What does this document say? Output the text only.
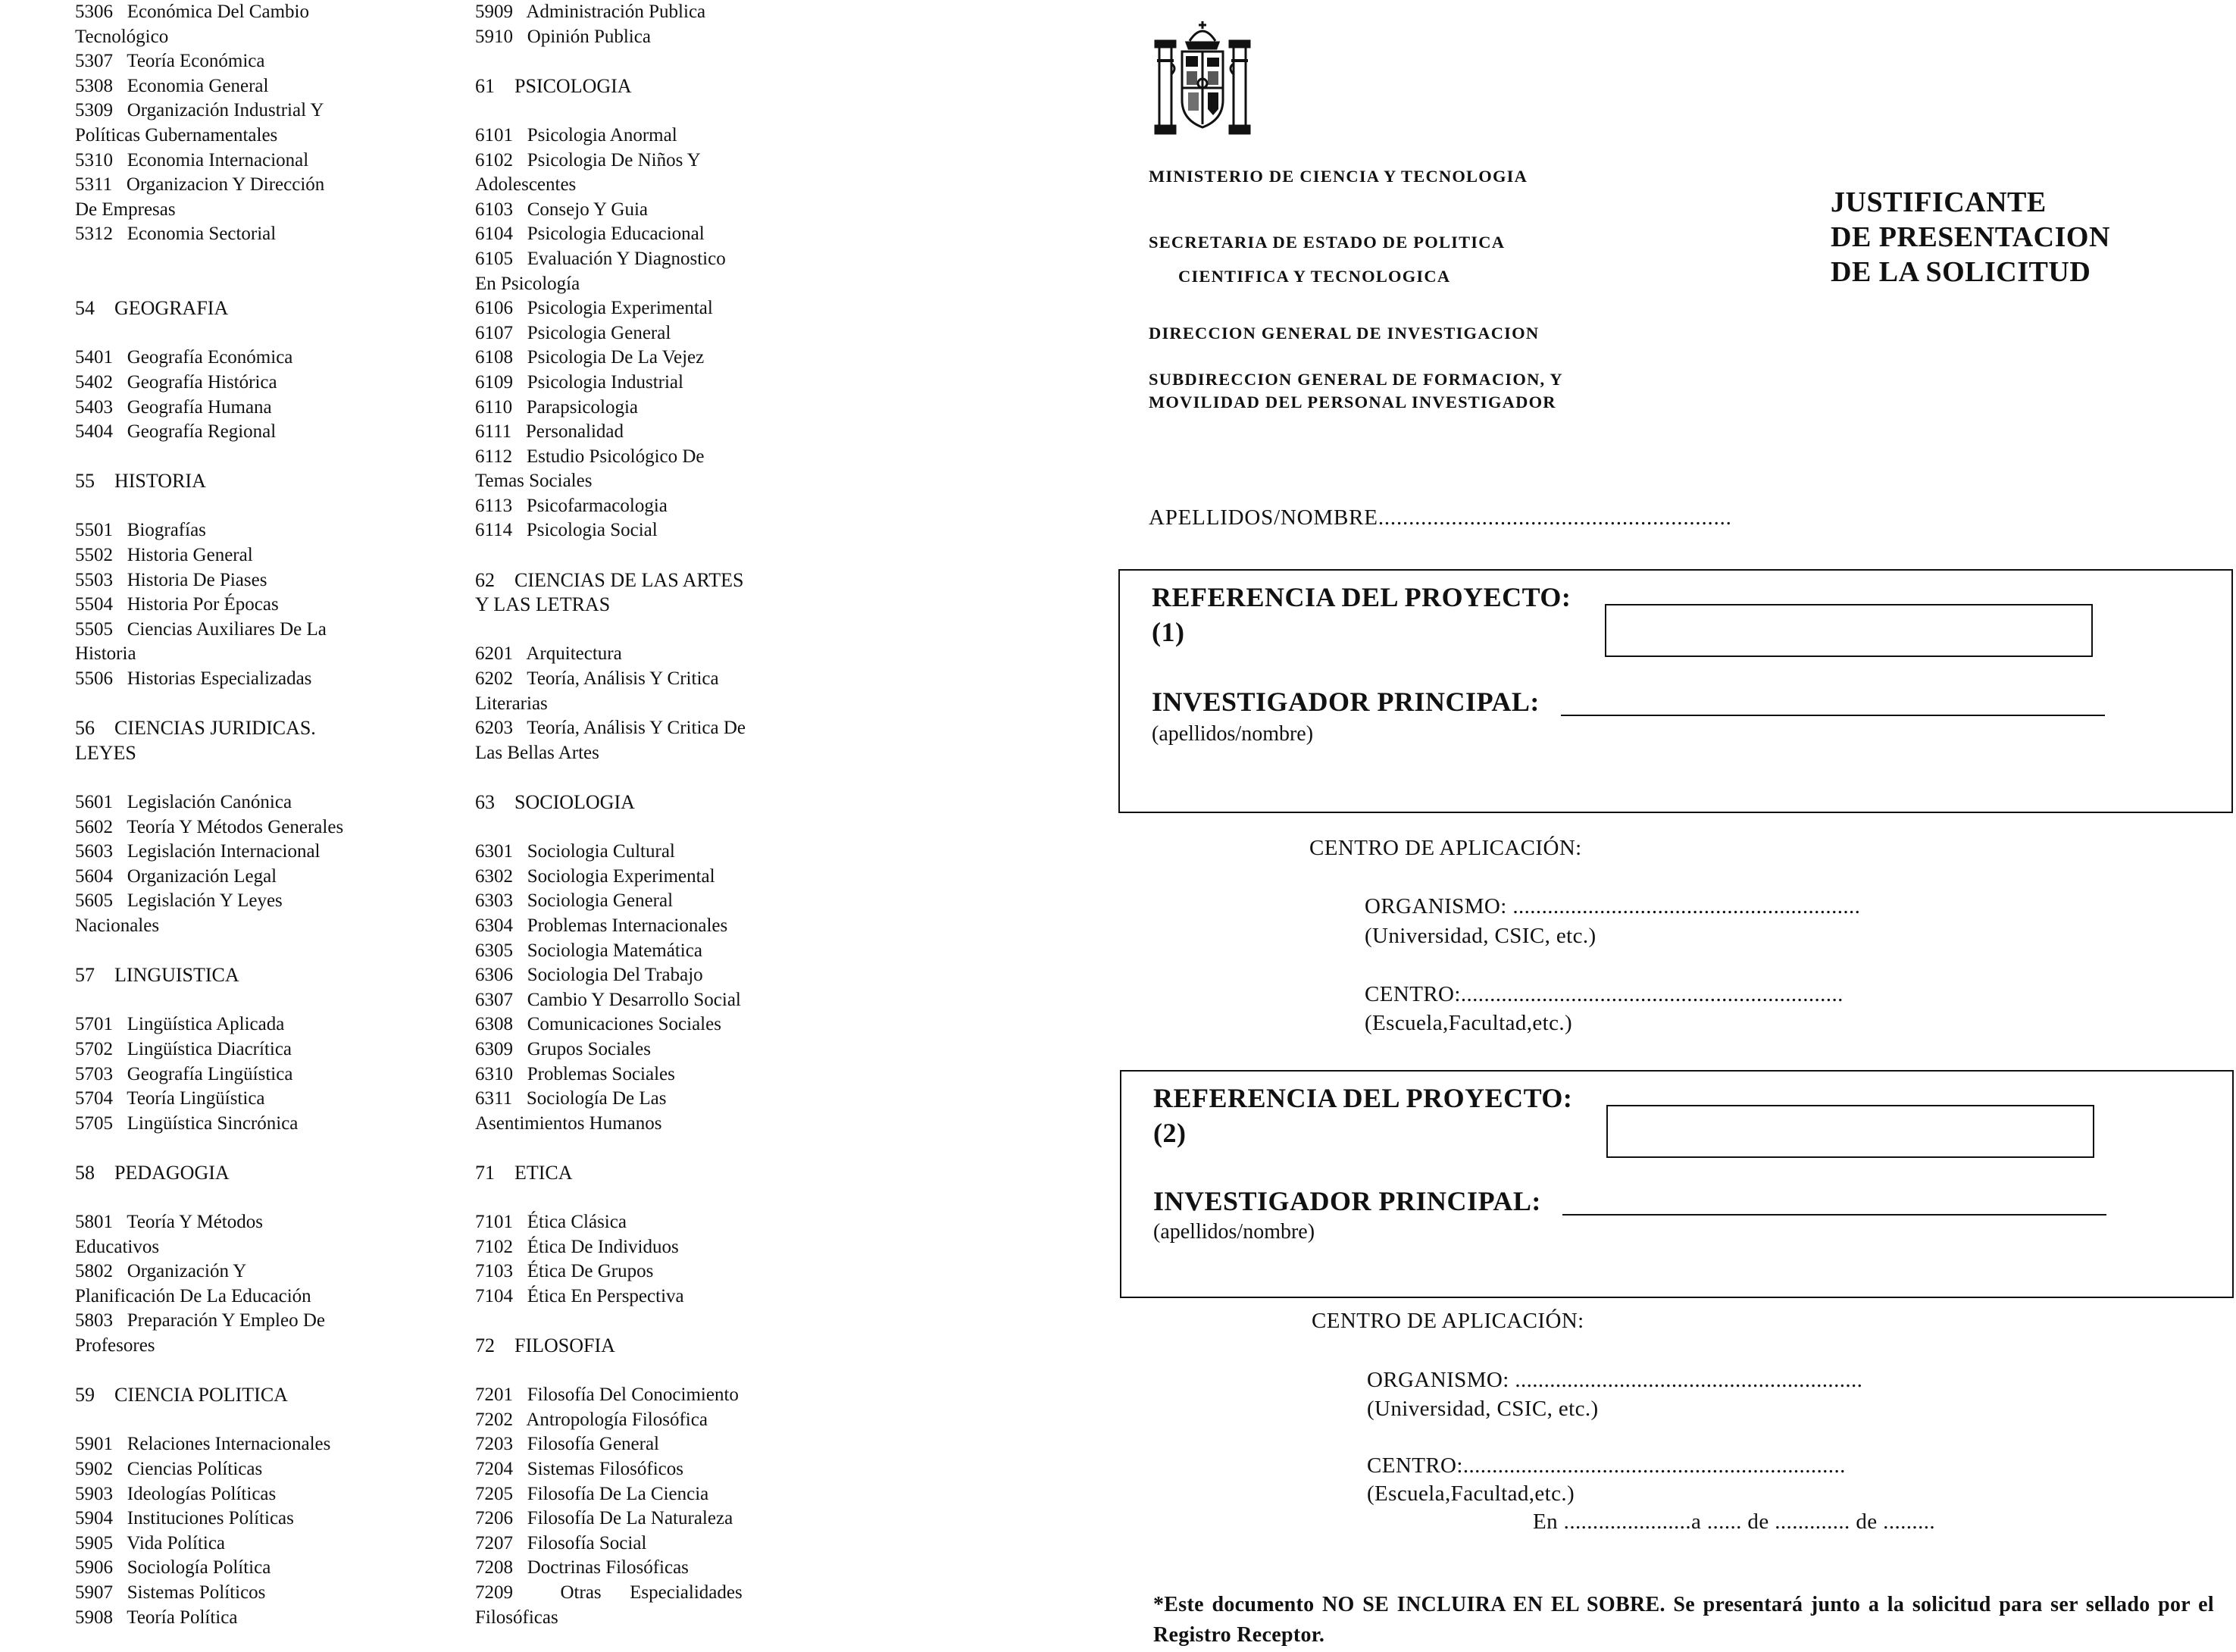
5306   Económica Del Cambio
Tecnológico
5307   Teoría Económica
5308   Economia General
5309   Organización Industrial Y
Políticas Gubernamentales
5310   Economia Internacional
5311   Organizacion Y Dirección
De Empresas
5312   Economia Sectorial
54    GEOGRAFIA
5401   Geografía Económica
5402   Geografía Histórica
5403   Geografía Humana
5404   Geografía Regional
55    HISTORIA
5501   Biografías
5502   Historia General
5503   Historia De Piases
5504   Historia Por Épocas
5505   Ciencias Auxiliares De La
Historia
5506   Historias Especializadas
56    CIENCIAS JURIDICAS.
LEYES
5601   Legislación Canónica
5602   Teoría Y Métodos Generales
5603   Legislación Internacional
5604   Organización Legal
5605   Legislación Y Leyes
Nacionales
57    LINGUISTICA
5701   Lingüística Aplicada
5702   Lingüística Diacrítica
5703   Geografía Lingüística
5704   Teoría Lingüística
5705   Lingüística Sincrónica
58    PEDAGOGIA
5801   Teoría Y Métodos
Educativos
5802   Organización Y
Planificación De La Educación
5803   Preparación Y Empleo De
Profesores
59    CIENCIA POLITICA
5901   Relaciones Internacionales
5902   Ciencias Políticas
5903   Ideologías Políticas
5904   Instituciones Políticas
5905   Vida Política
5906   Sociología Política
5907   Sistemas Políticos
5908   Teoría Política
5909   Administración Publica
5910   Opinión Publica
61    PSICOLOGIA
6101   Psicologia Anormal
6102   Psicologia De Niños Y
Adolescentes
6103   Consejo Y Guia
6104   Psicologia Educacional
6105   Evaluación Y Diagnostico
En Psicología
6106   Psicologia Experimental
6107   Psicologia General
6108   Psicologia De La Vejez
6109   Psicologia Industrial
6110   Parapsicologia
6111   Personalidad
6112   Estudio Psicológico De
Temas Sociales
6113   Psicofarmacologia
6114   Psicologia Social
62    CIENCIAS DE LAS ARTES
Y LAS LETRAS
6201   Arquitectura
6202   Teoría, Análisis Y Critica
Literarias
6203   Teoría, Análisis Y Critica De
Las Bellas Artes
63    SOCIOLOGIA
6301   Sociologia Cultural
6302   Sociologia Experimental
6303   Sociologia General
6304   Problemas Internacionales
6305   Sociologia Matemática
6306   Sociologia Del Trabajo
6307   Cambio Y Desarrollo Social
6308   Comunicaciones Sociales
6309   Grupos Sociales
6310   Problemas Sociales
6311   Sociología De Las
Asentimientos Humanos
71    ETICA
7101   Ética Clásica
7102   Ética De Individuos
7103   Ética De Grupos
7104   Ética En Perspectiva
72    FILOSOFIA
7201   Filosofía Del Conocimiento
7202   Antropología Filosófica
7203   Filosofía General
7204   Sistemas Filosóficos
7205   Filosofía De La Ciencia
7206   Filosofía De La Naturaleza
7207   Filosofía Social
7208   Doctrinas Filosóficas
7209          Otras      Especialidades
Filosóficas
MINISTERIO DE CIENCIA Y TECNOLOGIA
SECRETARIA DE ESTADO DE POLITICA
CIENTIFICA Y TECNOLOGICA
DIRECCION GENERAL DE INVESTIGACION
SUBDIRECCION GENERAL DE FORMACION, Y
MOVILIDAD DEL PERSONAL INVESTIGADOR
JUSTIFICANTE
DE PRESENTACION
DE LA SOLICITUD
APELLIDOS/NOMBRE..........................................................
REFERENCIA DEL PROYECTO:
(1)
INVESTIGADOR PRINCIPAL:
(apellidos/nombre)
CENTRO DE APLICACIÓN:
ORGANISMO: ............................................................
(Universidad, CSIC, etc.)
CENTRO:..................................................................
(Escuela,Facultad,etc.)
REFERENCIA DEL PROYECTO:
(2)
INVESTIGADOR PRINCIPAL:
(apellidos/nombre)
CENTRO DE APLICACIÓN:
ORGANISMO: ............................................................
(Universidad, CSIC, etc.)
CENTRO:..................................................................
(Escuela,Facultad,etc.)
En ......................a ...... de ............. de .........
*Este documento NO SE INCLUIRA EN EL SOBRE. Se presentará junto a la solicitud para ser sellado por el Registro Receptor.
